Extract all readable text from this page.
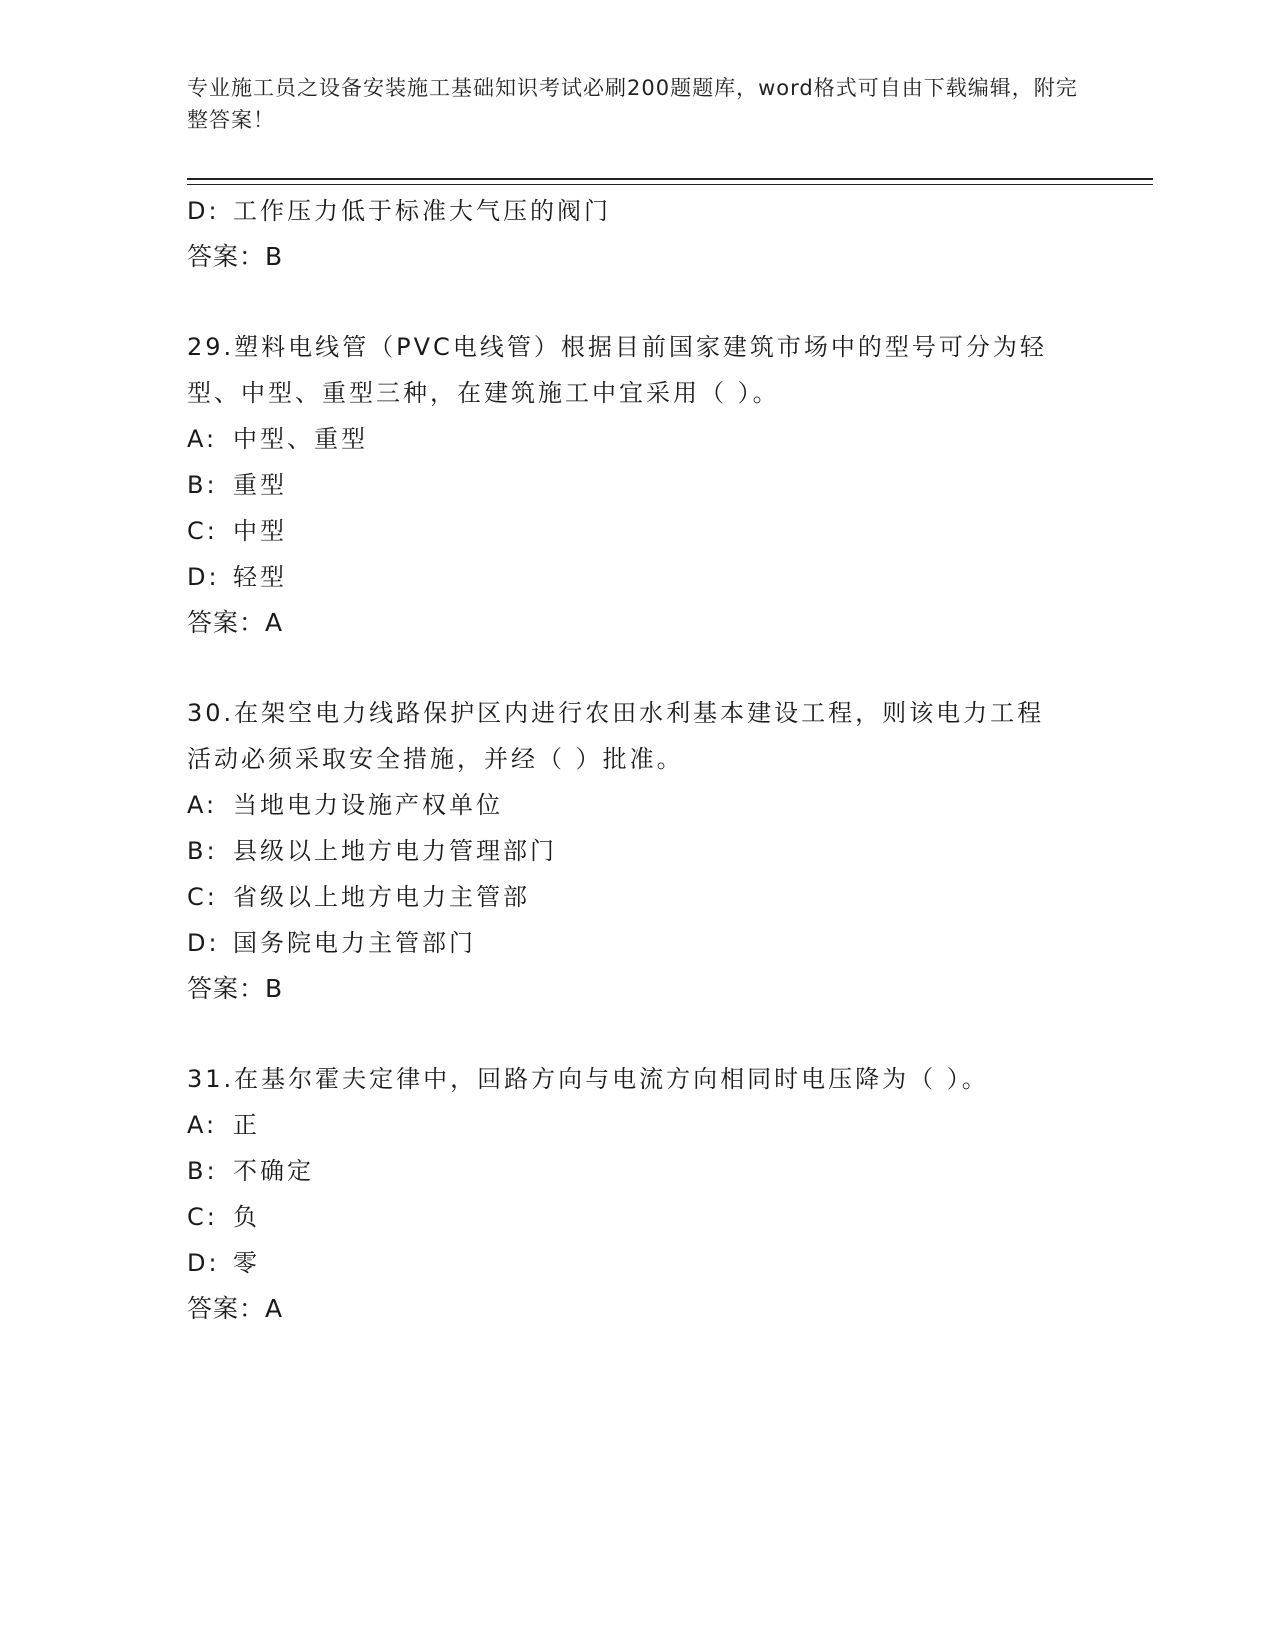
专业施工员之设备安装施工基础知识考试必刷200题题库，word格式可自由下载编辑，附完整答案！
D: 工作压力低于标准大气压的阀门
答案：B
29.塑料电线管（PVC电线管）根据目前国家建筑市场中的型号可分为轻型、中型、重型三种，在建筑施工中宜采用（ ）。
A: 中型、重型
B: 重型
C: 中型
D: 轻型
答案：A
30.在架空电力线路保护区内进行农田水利基本建设工程，则该电力工程活动必须采取安全措施，并经（ ）批准。
A: 当地电力设施产权单位
B: 县级以上地方电力管理部门
C: 省级以上地方电力主管部
D: 国务院电力主管部门
答案：B
31.在基尔霍夫定律中，回路方向与电流方向相同时电压降为（ ）。
A: 正
B: 不确定
C: 负
D: 零
答案：A
